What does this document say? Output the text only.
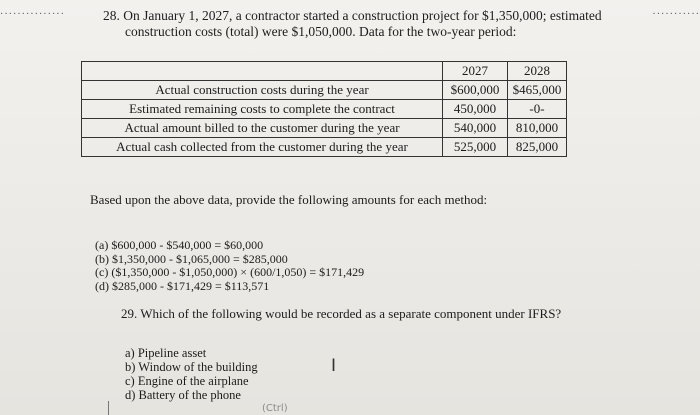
···············	···········
28. On January 1, 2027, a contractor started a construction project for $1,350,000; estimated
construction costs (total) were $1,050,000. Data for the two-year period:
	2027	2028
Actual construction costs during the year	$600,000	$465,000
Estimated remaining costs to complete the contract	450,000	-0-
Actual amount billed to the customer during the year	540,000	810,000
Actual cash collected from the customer during the year	525,000	825,000
Based upon the above data, provide the following amounts for each method:
(a) $600,000 - $540,000 = $60,000
(b) $1,350,000 - $1,065,000 = $285,000
(c) ($1,350,000 - $1,050,000) × (600/1,050) = $171,429
(d) $285,000 - $171,429 = $113,571
29. Which of the following would be recorded as a separate component under IFRS?
a) Pipeline asset
b) Window of the building
c) Engine of the airplane
d) Battery of the phone
I
(Ctrl)
